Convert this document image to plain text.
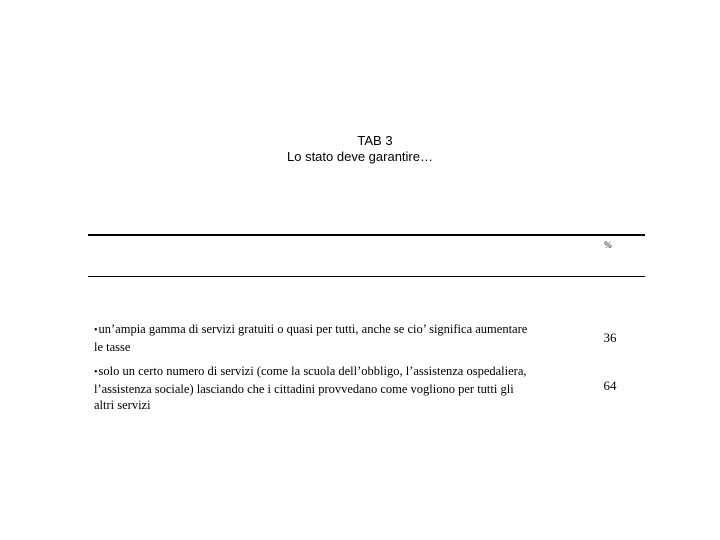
TAB 3
Lo stato deve garantire…
%
•un’ampia gamma di servizi gratuiti o quasi per tutti, anche se cio’ significa aumentare le tasse
36
•solo un certo numero di servizi (come la scuola dell’obbligo, l’assistenza ospedaliera, l’assistenza sociale) lasciando che i cittadini provvedano come vogliono per tutti gli altri servizi
64
